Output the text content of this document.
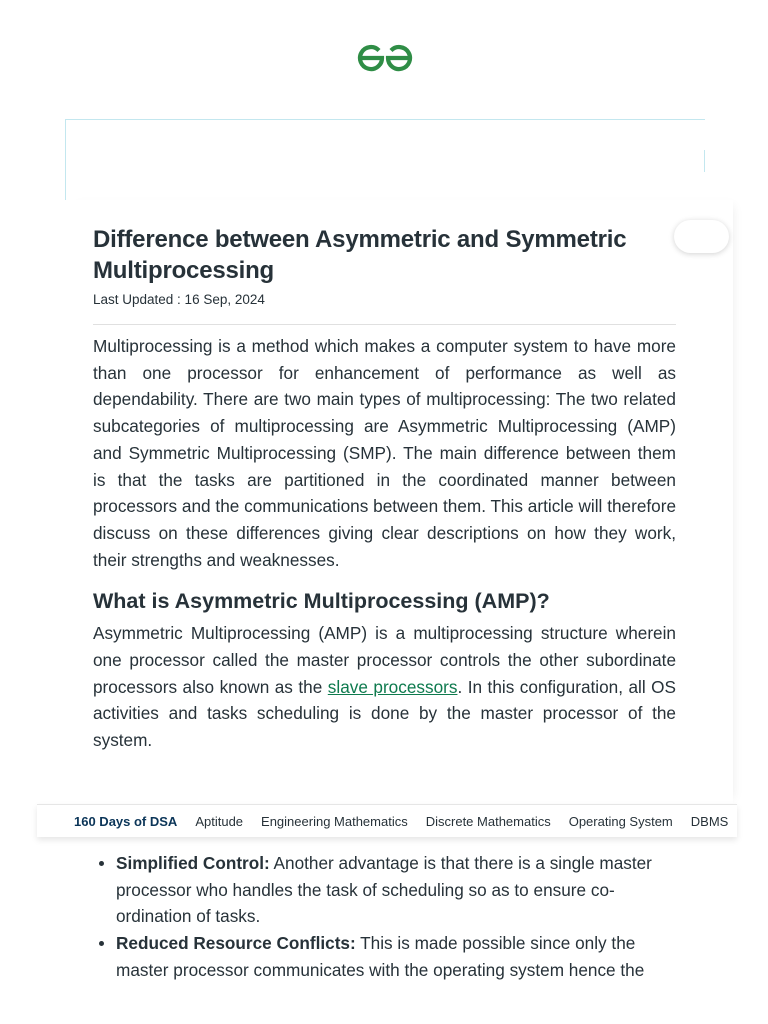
Difference between Asymmetric and Symmetric Multiprocessing
Last Updated : 16 Sep, 2024

Multiprocessing is a method which makes a computer system to have more than one processor for enhancement of performance as well as dependability. There are two main types of multiprocessing: The two related subcategories of multiprocessing are Asymmetric Multiprocessing (AMP) and Symmetric Multiprocessing (SMP). The main difference between them is that the tasks are partitioned in the coordinated manner between processors and the communications between them. This article will therefore discuss on these differences giving clear descriptions on how they work, their strengths and weaknesses.

What is Asymmetric Multiprocessing (AMP)?

Asymmetric Multiprocessing (AMP) is a multiprocessing structure wherein one processor called the master processor controls the other subordinate processors also known as the slave processors. In this configuration, all OS activities and tasks scheduling is done by the master processor of the system.

160 Days of DSA Aptitude Engineering Mathematics Discrete Mathematics Operating System DBMS
Simplified Control: Another advantage is that there is a single master processor who handles the task of scheduling so as to ensure co-ordination of tasks.
Reduced Resource Conflicts: This is made possible since only the master processor communicates with the operating system hence the
